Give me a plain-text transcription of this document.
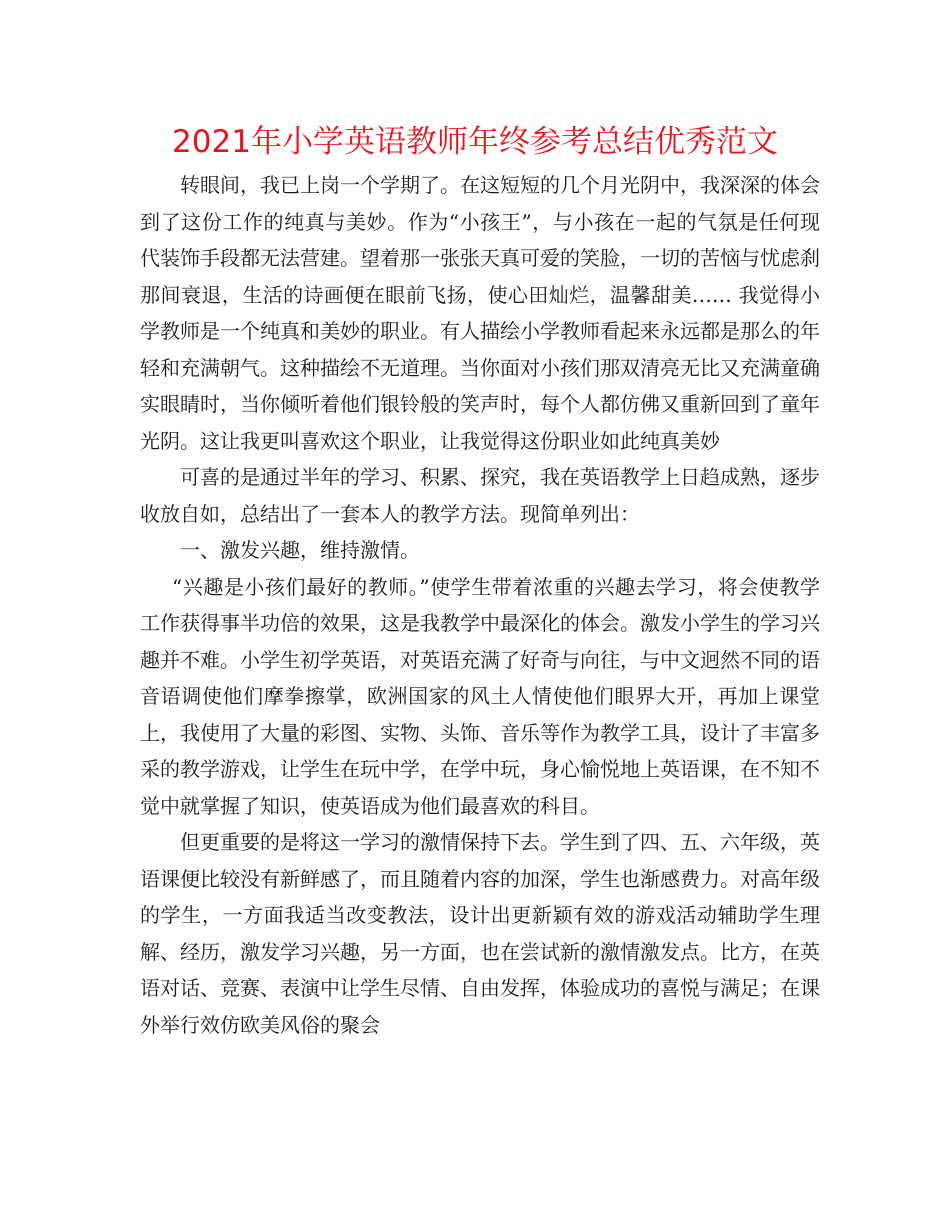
2021年小学英语教师年终参考总结优秀范文

转眼间，我已上岗一个学期了。在这短短的几个月光阴中，我深深的体会到了这份工作的纯真与美妙。作为“小孩王”，与小孩在一起的气氛是任何现代装饰手段都无法营建。望着那一张张天真可爱的笑脸，一切的苦恼与忧虑刹那间衰退，生活的诗画便在眼前飞扬，使心田灿烂，温馨甜美…… 我觉得小学教师是一个纯真和美妙的职业。有人描绘小学教师看起来永远都是那么的年轻和充满朝气。这种描绘不无道理。当你面对小孩们那双清亮无比又充满童确实眼睛时，当你倾听着他们银铃般的笑声时，每个人都仿佛又重新回到了童年光阴。这让我更叫喜欢这个职业，让我觉得这份职业如此纯真美妙

可喜的是通过半年的学习、积累、探究，我在英语教学上日趋成熟，逐步收放自如，总结出了一套本人的教学方法。现简单列出：

一、激发兴趣，维持激情。

“兴趣是小孩们最好的教师。”使学生带着浓重的兴趣去学习，将会使教学工作获得事半功倍的效果，这是我教学中最深化的体会。激发小学生的学习兴趣并不难。小学生初学英语，对英语充满了好奇与向往，与中文迥然不同的语音语调使他们摩拳擦掌，欧洲国家的风土人情使他们眼界大开，再加上课堂上，我使用了大量的彩图、实物、头饰、音乐等作为教学工具，设计了丰富多采的教学游戏，让学生在玩中学，在学中玩，身心愉悦地上英语课，在不知不觉中就掌握了知识，使英语成为他们最喜欢的科目。

但更重要的是将这一学习的激情保持下去。学生到了四、五、六年级，英语课便比较没有新鲜感了，而且随着内容的加深，学生也渐感费力。对高年级的学生，一方面我适当改变教法，设计出更新颖有效的游戏活动辅助学生理解、经历，激发学习兴趣，另一方面，也在尝试新的激情激发点。比方，在英语对话、竞赛、表演中让学生尽情、自由发挥，体验成功的喜悦与满足；在课外举行效仿欧美风俗的聚会
